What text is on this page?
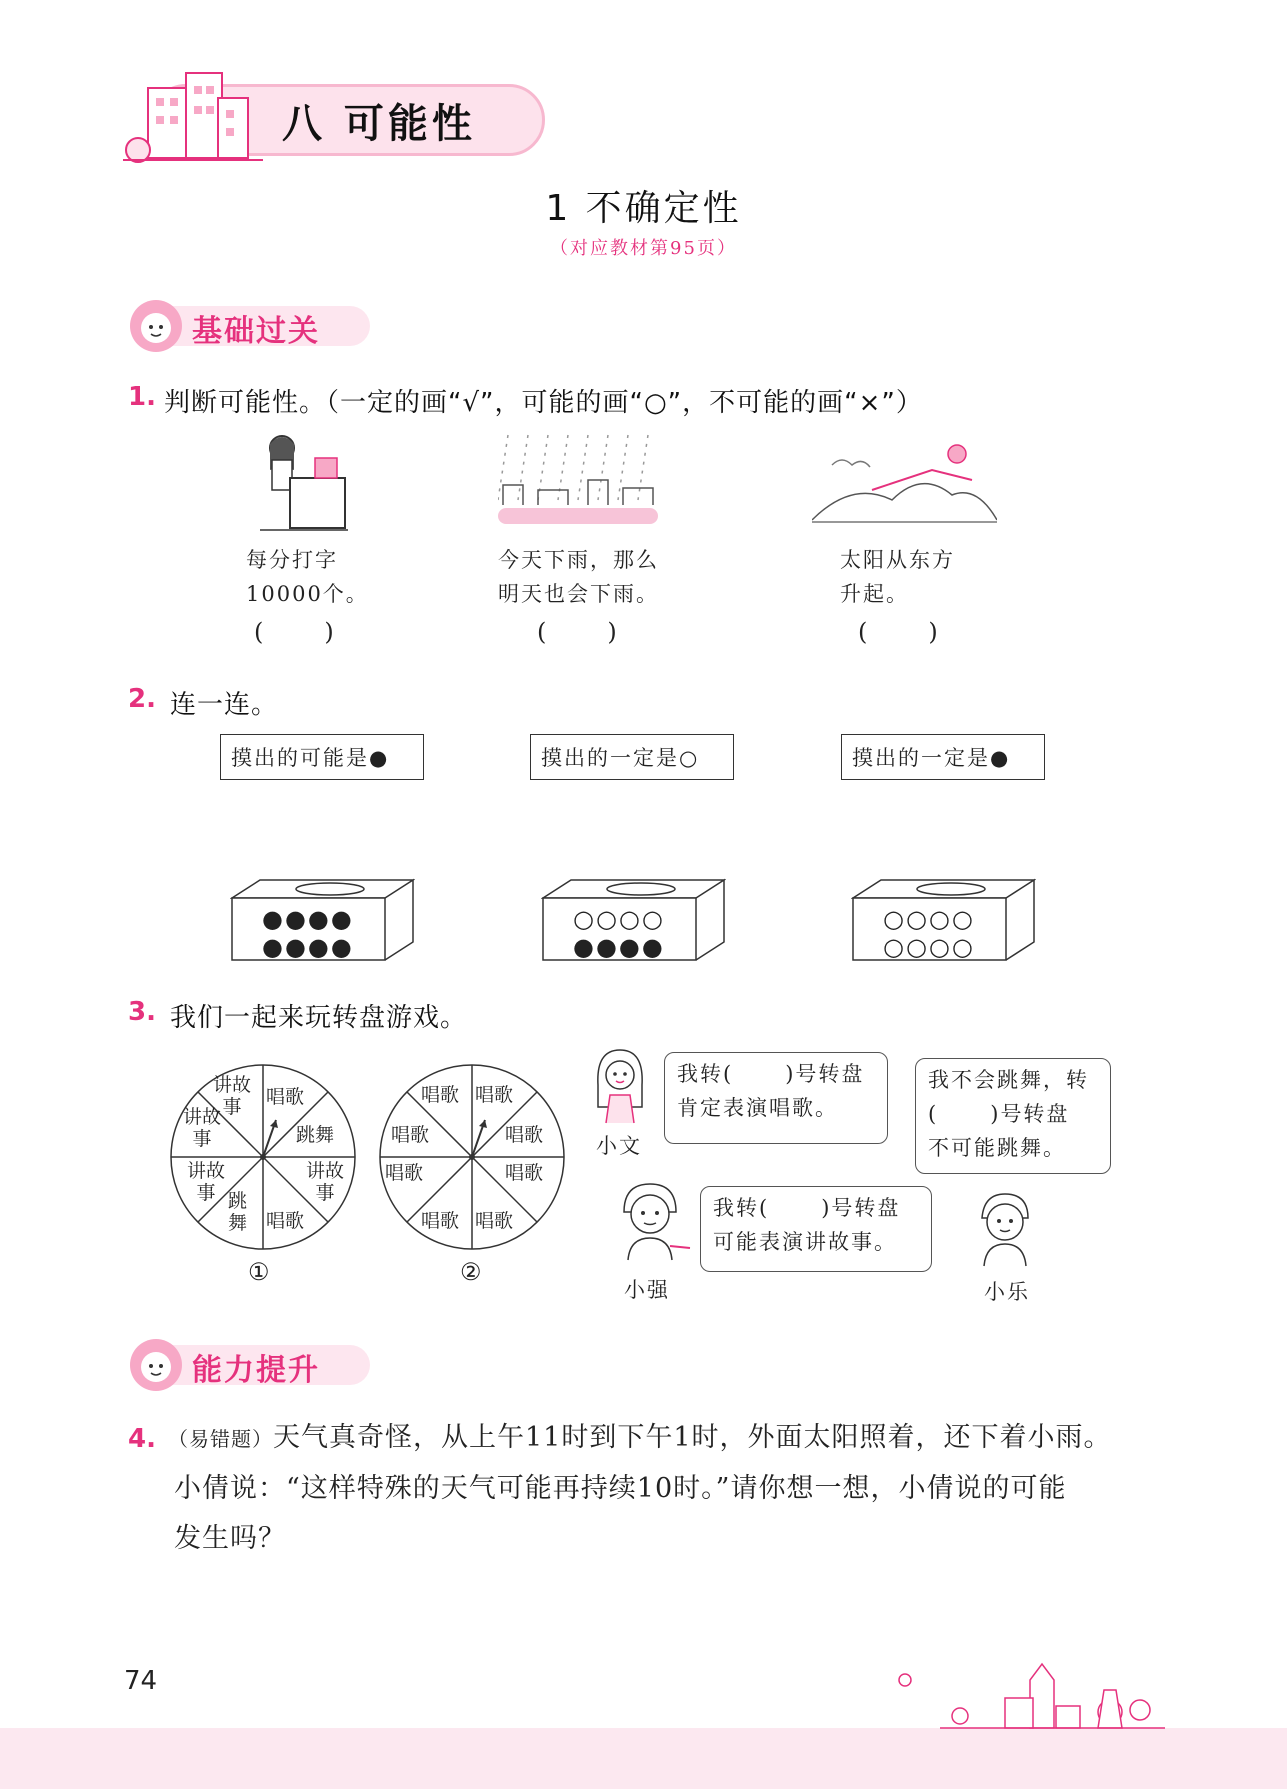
八 可能性
1 不确定性
（对应教材第95页）
基础过关
1. 判断可能性。（一定的画“√”，可能的画“○”，不可能的画“×”）
每分打字
10000个。
今天下雨，那么
明天也会下雨。
太阳从东方
升起。
(        )	(        )	(        )
2. 连一连。
摸出的可能是●	摸出的一定是○	摸出的一定是●
●●●●
●●●●
○○○○
●●●●
○○○○
○○○○
3. 我们一起来玩转盘游戏。
讲故事	唱歌
跳舞
讲故事
唱歌
跳舞
讲故事
讲故事
①
唱歌 唱歌
唱歌
唱歌
唱歌
唱歌
唱歌
唱歌
②
小文
我转(      )号转盘
肯定表演唱歌。
我不会跳舞，转
(      )号转盘
不可能跳舞。
小乐
小强
我转(      )号转盘
可能表演讲故事。
能力提升
4. （易错题）天气真奇怪，从上午11时到下午1时，外面太阳照着，还下着小雨。
小倩说：“这样特殊的天气可能再持续10时。”请你想一想，小倩说的可能
发生吗？
74
